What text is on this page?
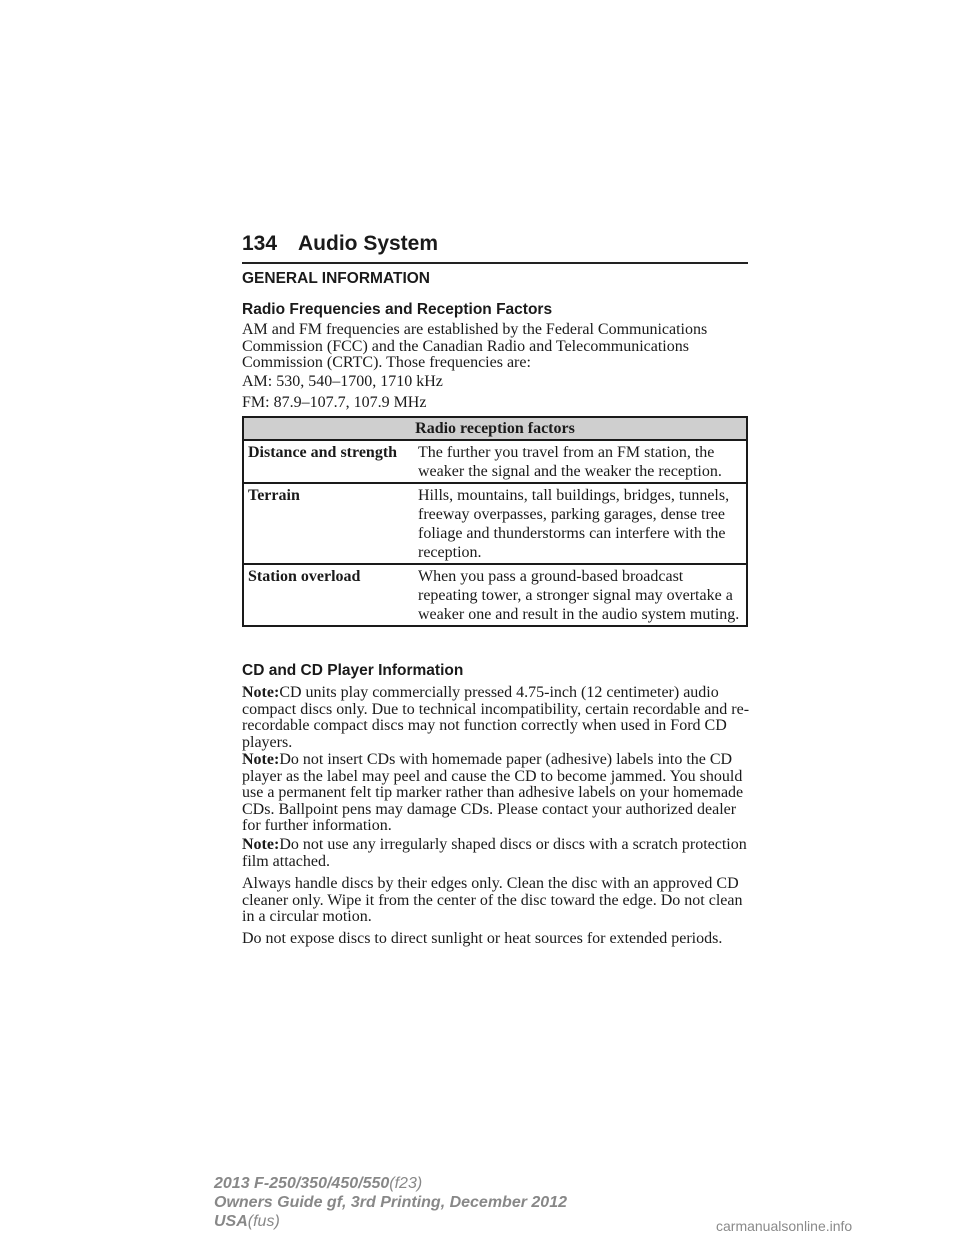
134 Audio System
GENERAL INFORMATION
Radio Frequencies and Reception Factors

AM and FM frequencies are established by the Federal Communications Commission (FCC) and the Canadian Radio and Telecommunications Commission (CRTC). Those frequencies are:

AM: 530, 540–1700, 1710 kHz

FM: 87.9–107.7, 107.9 MHz

Radio reception factors	
Distance and strength	The further you travel from an FM station, the weaker the signal and the weaker the reception.
Terrain	Hills, mountains, tall buildings, bridges, tunnels, freeway overpasses, parking garages, dense tree foliage and thunderstorms can interfere with the reception.
Station overload	When you pass a ground-based broadcast repeating tower, a stronger signal may overtake a weaker one and result in the audio system muting.
CD and CD Player Information

Note:CD units play commercially pressed 4.75-inch (12 centimeter) audio compact discs only. Due to technical incompatibility, certain recordable and re-recordable compact discs may not function correctly when used in Ford CD players.

Note:Do not insert CDs with homemade paper (adhesive) labels into the CD player as the label may peel and cause the CD to become jammed. You should use a permanent felt tip marker rather than adhesive labels on your homemade CDs. Ballpoint pens may damage CDs. Please contact your authorized dealer for further information.

Note:Do not use any irregularly shaped discs or discs with a scratch protection film attached.

Always handle discs by their edges only. Clean the disc with an approved CD cleaner only. Wipe it from the center of the disc toward the edge. Do not clean in a circular motion.

Do not expose discs to direct sunlight or heat sources for extended periods.

2013 F-250/350/450/550(f23)
Owners Guide gf, 3rd Printing, December 2012
USA(fus)	carmanualsonline.info
